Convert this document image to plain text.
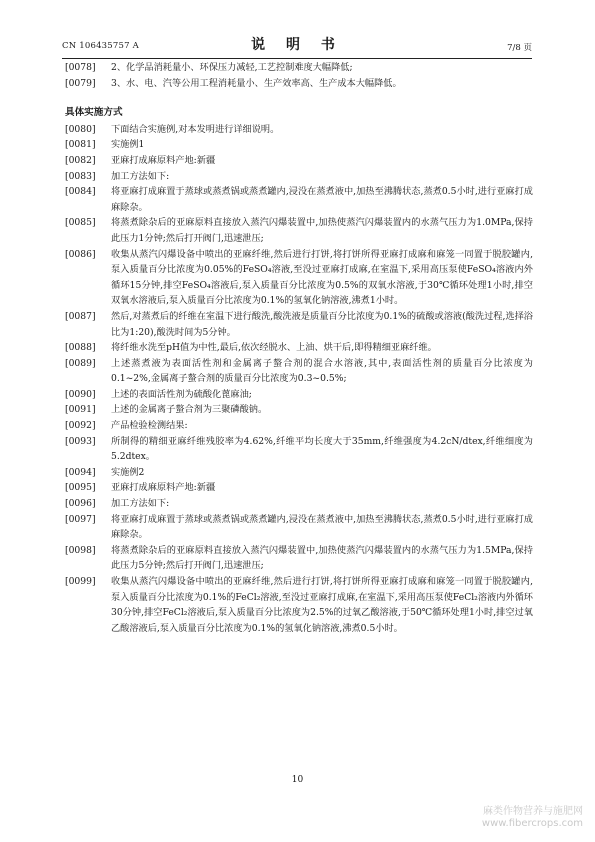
CN 106435757 A	说 明 书	7/8 页
[0078]	2、化学品消耗量小、环保压力减轻,工艺控制难度大幅降低;
[0079]	3、水、电、汽等公用工程消耗量小、生产效率高、生产成本大幅降低。
具体实施方式
[0080]	下面结合实施例,对本发明进行详细说明。
[0081]	实施例1
[0082]	亚麻打成麻原料产地:新疆
[0083]	加工方法如下:
[0084]	将亚麻打成麻置于蒸球或蒸煮锅或蒸煮罐内,浸没在蒸煮液中,加热至沸腾状态,蒸煮0.5小时,进行亚麻打成麻除杂。
[0085]	将蒸煮除杂后的亚麻原料直接放入蒸汽闪爆装置中,加热使蒸汽闪爆装置内的水蒸气压力为1.0MPa,保持此压力1分钟;然后打开阀门,迅速泄压;
[0086]	收集从蒸汽闪爆设备中喷出的亚麻纤维,然后进行打饼,将打饼所得亚麻打成麻和麻笼一同置于脱胶罐内,泵入质量百分比浓度为0.05%的FeSO₄溶液,至没过亚麻打成麻,在室温下,采用高压泵使FeSO₄溶液内外循环15分钟,排空FeSO₄溶液后,泵入质量百分比浓度为0.5%的双氧水溶液,于30℃循环处理1小时,排空双氧水溶液后,泵入质量百分比浓度为0.1%的氢氧化钠溶液,沸煮1小时。
[0087]	然后,对蒸煮后的纤维在室温下进行酸洗,酸洗液是质量百分比浓度为0.1%的硫酸或溶液(酸洗过程,选择浴比为1:20),酸洗时间为5分钟。
[0088]	将纤维水洗至pH值为中性,最后,依次经脱水、上油、烘干后,即得精细亚麻纤维。
[0089]	上述蒸煮液为表面活性剂和金属离子螯合剂的混合水溶液,其中,表面活性剂的质量百分比浓度为0.1~2%,金属离子螯合剂的质量百分比浓度为0.3~0.5%;
[0090]	上述的表面活性剂为硫酸化蓖麻油;
[0091]	上述的金属离子螯合剂为三聚磷酸钠。
[0092]	产品检验检测结果:
[0093]	所制得的精细亚麻纤维残胶率为4.62%,纤维平均长度大于35mm,纤维强度为4.2cN/dtex,纤维细度为5.2dtex。
[0094]	实施例2
[0095]	亚麻打成麻原料产地:新疆
[0096]	加工方法如下:
[0097]	将亚麻打成麻置于蒸球或蒸煮锅或蒸煮罐内,浸没在蒸煮液中,加热至沸腾状态,蒸煮0.5小时,进行亚麻打成麻除杂。
[0098]	将蒸煮除杂后的亚麻原料直接放入蒸汽闪爆装置中,加热使蒸汽闪爆装置内的水蒸气压力为1.5MPa,保持此压力5分钟;然后打开阀门,迅速泄压;
[0099]	收集从蒸汽闪爆设备中喷出的亚麻纤维,然后进行打饼,将打饼所得亚麻打成麻和麻笼一同置于脱胶罐内,泵入质量百分比浓度为0.1%的FeCl₂溶液,至没过亚麻打成麻,在室温下,采用高压泵使FeCl₂溶液内外循环30分钟,排空FeCl₂溶液后,泵入质量百分比浓度为2.5%的过氧乙酸溶液,于50℃循环处理1小时,排空过氧乙酸溶液后,泵入质量百分比浓度为0.1%的氢氧化钠溶液,沸煮0.5小时。
10
麻类作物营养与施肥网
www.fibercrops.com
